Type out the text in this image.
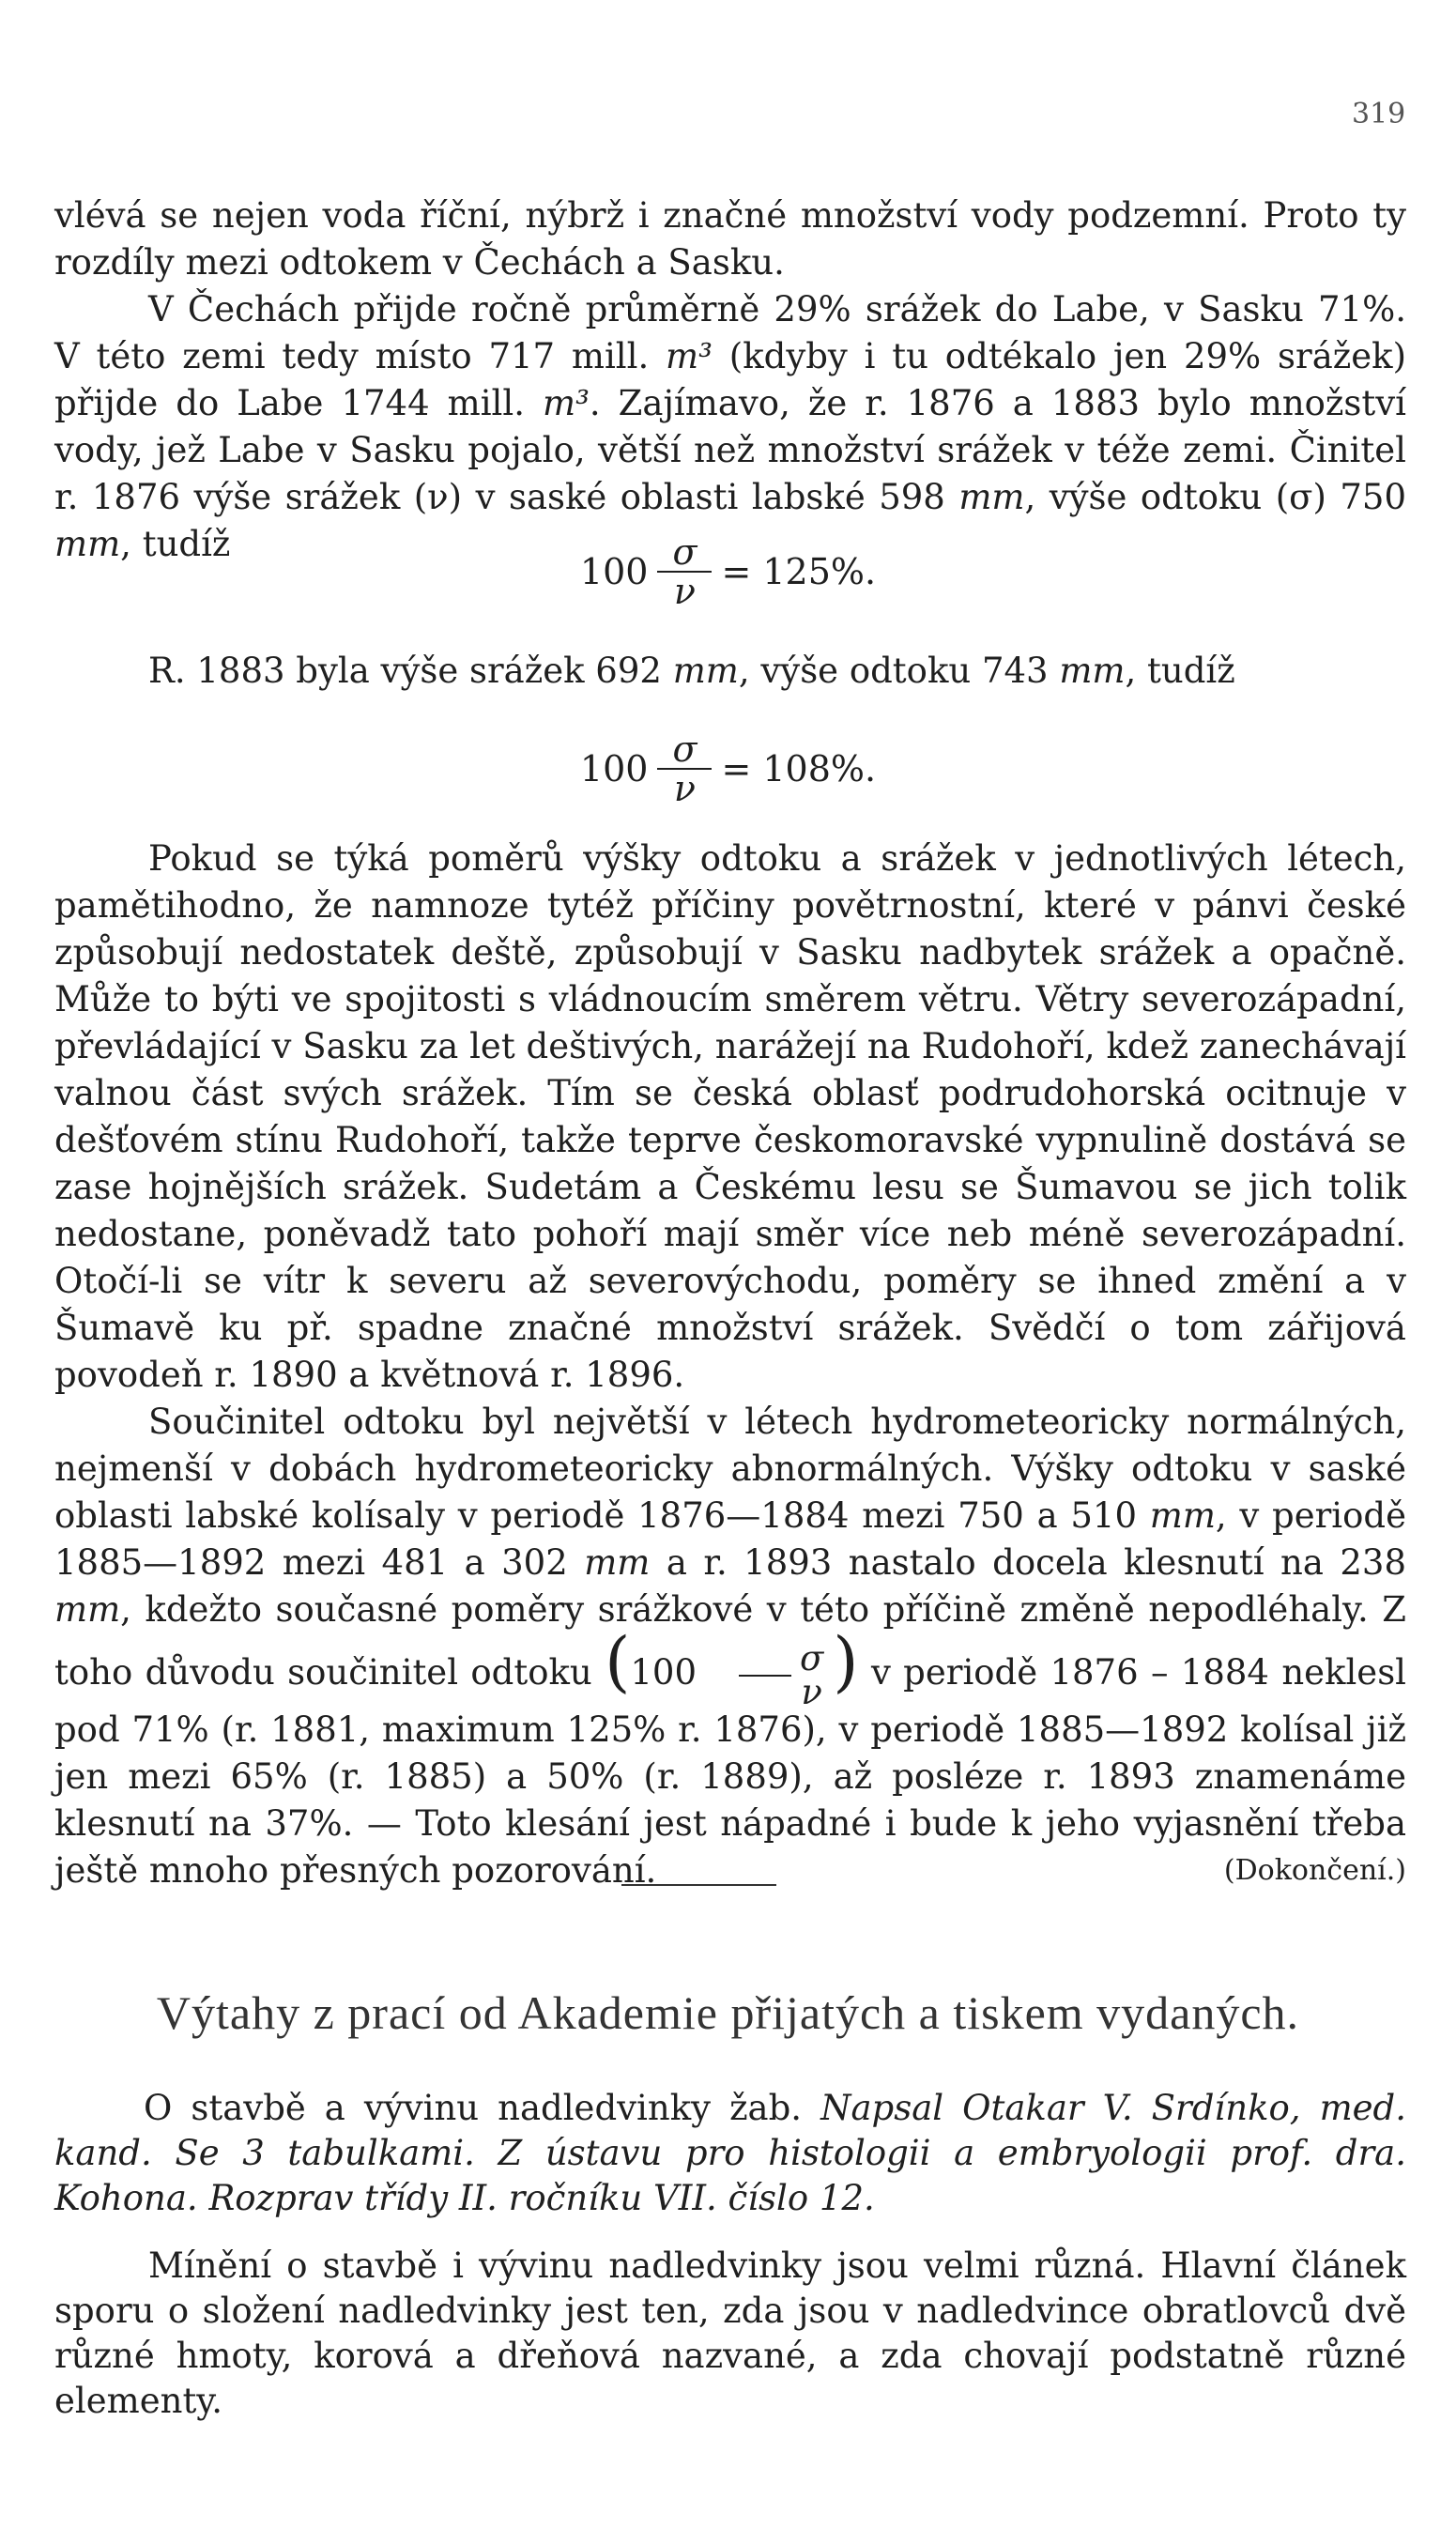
319

vlévá se nejen voda říční, nýbrž i značné množství vody podzemní. Proto ty rozdíly mezi odtokem v Čechách a Sasku.

V Čechách přijde ročně průměrně 29% srážek do Labe, v Sasku 71%. V této zemi tedy místo 717 mill. m³ (kdyby i tu odtékalo jen 29% srážek) přijde do Labe 1744 mill. m³. Zajímavo, že r. 1876 a 1883 bylo množství vody, jež Labe v Sasku pojalo, větší než množství srážek v téže zemi. Činitel r. 1876 výše srážek (ν) v saské oblasti labské 598 mm, výše odtoku (σ) 750 mm, tudíž

$100 \frac{\sigma}{\nu} = 125\%$.

R. 1883 byla výše srážek 692 mm, výše odtoku 743 mm, tudíž

$100 \frac{\sigma}{\nu} = 108\%$.

Pokud se týká poměrů výšky odtoku a srážek v jednotlivých létech, pamětihodno, že namnoze tytéž příčiny povětrnostní, které v pánvi české způsobují nedostatek deště, způsobují v Sasku nadbytek srážek a opačně. Může to býti ve spojitosti s vládnoucím směrem větru. Větry severozápadní, převládající v Sasku za let deštivých, narážejí na Rudohoří, kdež zanechávají valnou část svých srážek. Tím se česká oblasť podrudohorská ocitnuje v dešťovém stínu Rudohoří, takže teprve českomoravské vypnulině dostává se zase hojnějších srážek. Sudetám a Českému lesu se Šumavou se jich tolik nedostane, poněvadž tato pohoří mají směr více neb méně severozápadní. Otočí-li se vítr k severu až severovýchodu, poměry se ihned změní a v Šumavě ku př. spadne značné množství srážek. Svědčí o tom zářijová povodeň r. 1890 a květnová r. 1896.

Součinitel odtoku byl největší v létech hydrometeoricky normálných, nejmenší v dobách hydrometeoricky abnormálných. Výšky odtoku v saské oblasti labské kolísaly v periodě 1876—1884 mezi 750 a 510 mm, v periodě 1885—1892 mezi 481 a 302 mm a r. 1893 nastalo docela klesnutí na 238 mm, kdežto současné poměry srážkové v této příčině změně nepodléhaly. Z toho důvodu součinitel odtoku ($100 \frac{\sigma}{\nu}$ ) v periodě 1876 – 1884 neklesl pod 71% (r. 1881, maximum 125% r. 1876), v periodě 1885—1892 kolísal již jen mezi 65% (r. 1885) a 50% (r. 1889), až posléze r. 1893 znamenáme klesnutí na 37%. — Toto klesání jest nápadné i bude k jeho vyjasnění třeba ještě mnoho přesných pozorování.	(Dokončení.)

Výtahy z prací od Akademie přijatých a tiskem vydaných.

O stavbě a vývinu nadledvinky žab. Napsal Otakar V. Srdínko, med. kand. Se 3 tabulkami. Z ústavu pro histologii a embryologii prof. dra. Kohona. Rozprav třídy II. ročníku VII. číslo 12.

Mínění o stavbě i vývinu nadledvinky jsou velmi různá. Hlavní článek sporu o složení nadledvinky jest ten, zda jsou v nadledvince obratlovců dvě různé hmoty, korová a dřeňová nazvané, a zda chovají podstatně různé elementy.
